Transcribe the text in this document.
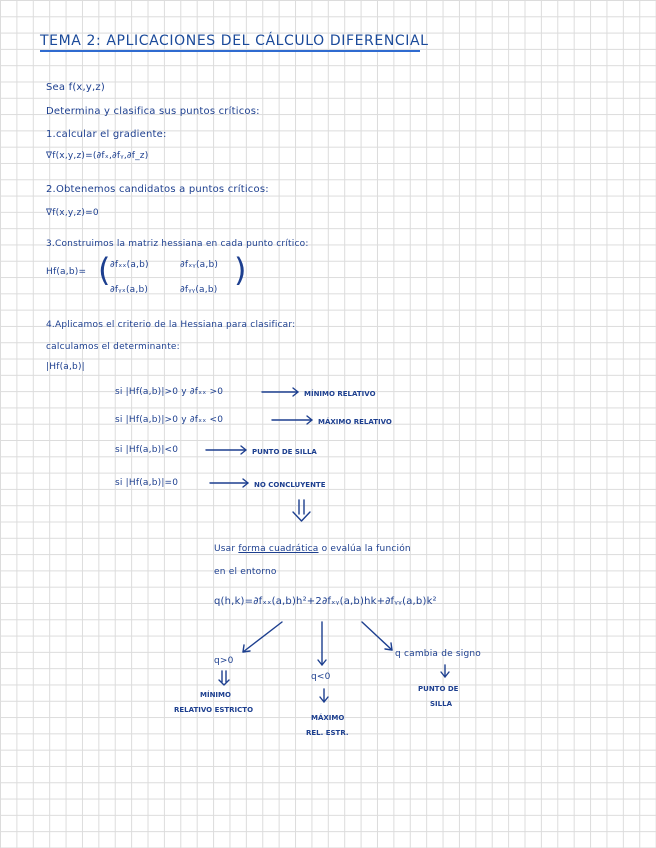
TEMA 2: APLICACIONES DEL CÁLCULO DIFERENCIAL
Sea f(x,y,z)
Determina y clasifica sus puntos críticos:
1.calcular el gradiente:
∇f(x,y,z)=(∂fₓ,∂fᵧ,∂f_z)
2.Obtenemos candidatos a puntos críticos:
∇f(x,y,z)=0
3.Construimos la matriz hessiana en cada punto crítico:
Hf(a,b)= ( ∂fₓₓ(a,b)	∂fₓᵧ(a,b)
∂fᵧₓ(a,b)	∂fᵧᵧ(a,b)
)
4.Aplicamos el criterio de la Hessiana para clasificar:
calculamos el determinante:
|Hf(a,b)|
si |Hf(a,b)|>0 y ∂fₓₓ >0	MÍNIMO RELATIVO
si |Hf(a,b)|>0 y ∂fₓₓ <0	MÁXIMO RELATIVO
si |Hf(a,b)|<0	PUNTO DE SILLA
si |Hf(a,b)|=0	NO CONCLUYENTE
Usar forma cuadrática o evalúa la función
en el entorno
q(h,k)=∂fₓₓ(a,b)h²+2∂fₓᵧ(a,b)hk+∂fᵧᵧ(a,b)k²
q>0
MÍNIMO
RELATIVO ESTRICTO
q<0
MÁXIMO
REL. ESTR.
q cambia de signo
PUNTO DE
SILLA
